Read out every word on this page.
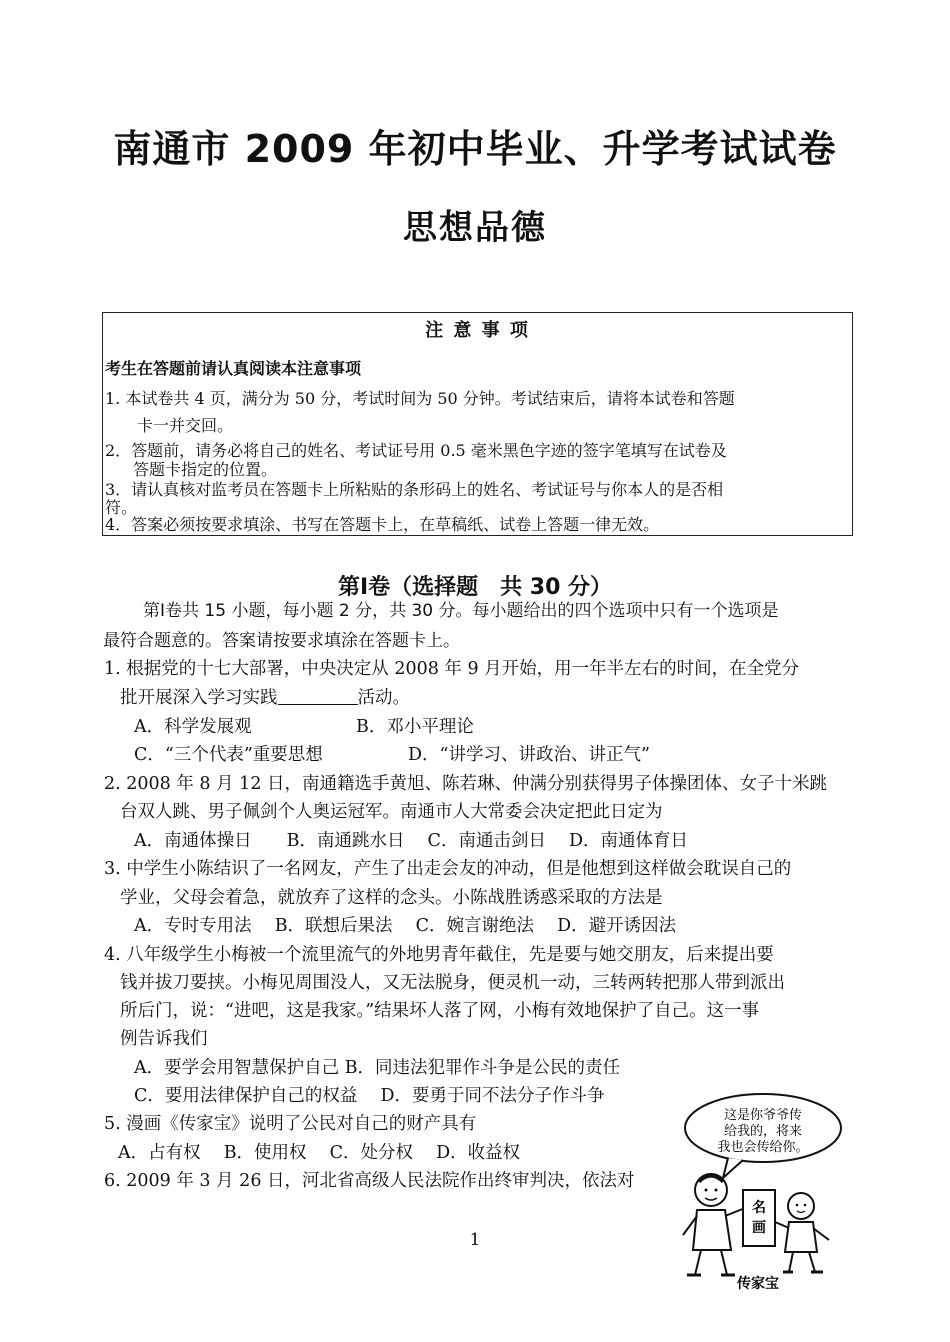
南通市 2009 年初中毕业、升学考试试卷
思想品德
注 意 事 项
考生在答题前请认真阅读本注意事项
1. 本试卷共 4 页，满分为 50 分，考试时间为 50 分钟。考试结束后，请将本试卷和答题
卡一并交回。
2．答题前，请务必将自己的姓名、考试证号用 0.5 毫米黑色字迹的签字笔填写在试卷及
答题卡指定的位置。
3．请认真核对监考员在答题卡上所粘贴的条形码上的姓名、考试证号与你本人的是否相
符。
4．答案必须按要求填涂、书写在答题卡上，在草稿纸、试卷上答题一律无效。
第Ⅰ卷（选择题　共 30 分）
第Ⅰ卷共 15 小题，每小题 2 分，共 30 分。每小题给出的四个选项中只有一个选项是
最符合题意的。答案请按要求填涂在答题卡上。
1. 根据党的十七大部署，中央决定从 2008 年 9 月开始，用一年半左右的时间，在全党分
批开展深入学习实践	活动。
A．科学发展观	B．邓小平理论
C．“三个代表”重要思想	D．“讲学习、讲政治、讲正气”
2. 2008 年 8 月 12 日，南通籍选手黄旭、陈若琳、仲满分别获得男子体操团体、女子十米跳
台双人跳、男子佩剑个人奥运冠军。南通市人大常委会决定把此日定为
A．南通体操日　　B．南通跳水日　 C．南通击剑日　 D．南通体育日
3. 中学生小陈结识了一名网友，产生了出走会友的冲动，但是他想到这样做会耽误自己的
学业，父母会着急，就放弃了这样的念头。小陈战胜诱惑采取的方法是
A．专时专用法　 B．联想后果法　 C．婉言谢绝法　 D．避开诱因法
4. 八年级学生小梅被一个流里流气的外地男青年截住，先是要与她交朋友，后来提出要
钱并拔刀要挟。小梅见周围没人，又无法脱身，便灵机一动，三转两转把那人带到派出
所后门，说：“进吧，这是我家。”结果坏人落了网，小梅有效地保护了自己。这一事
例告诉我们
A．要学会用智慧保护自己 B．同违法犯罪作斗争是公民的责任
C．要用法律保护自己的权益　 D．要勇于同不法分子作斗争
5. 漫画《传家宝》说明了公民对自己的财产具有
A．占有权　 B．使用权　 C．处分权　 D．收益权
6. 2009 年 3 月 26 日，河北省高级人民法院作出终审判决，依法对
这是你爷爷传
给我的，将来
我也会传给你。
名
画
传家宝
1
